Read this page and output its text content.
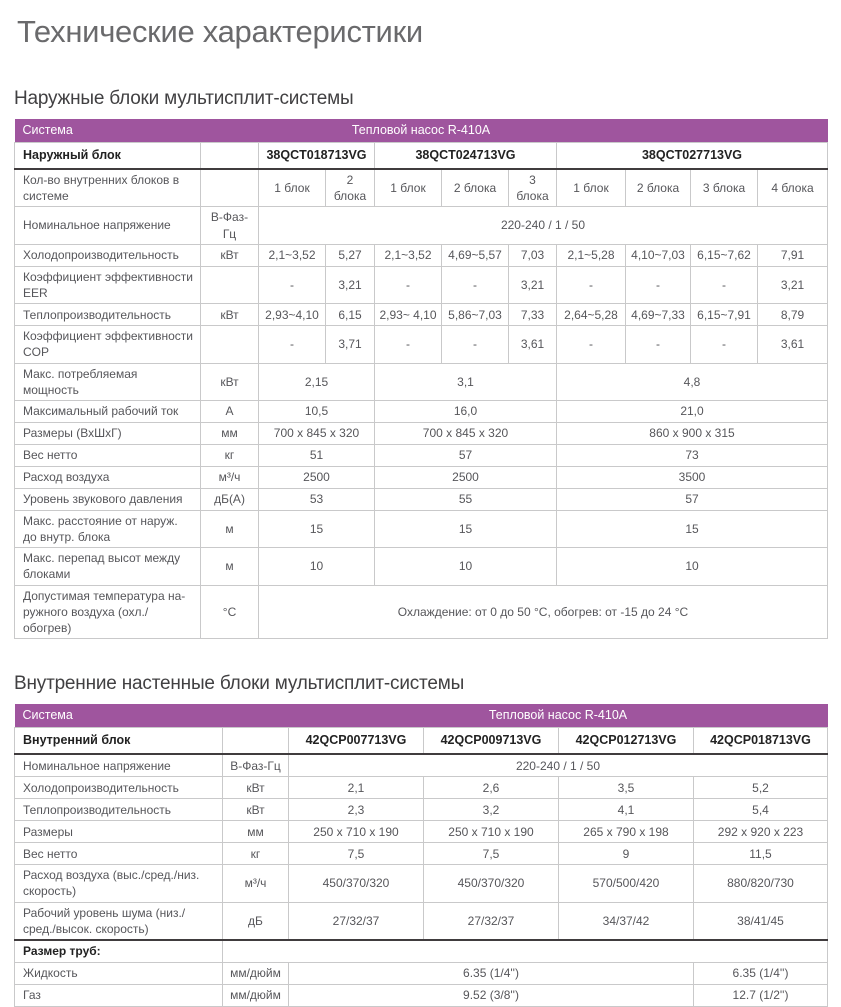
Технические характеристики
Наружные блоки мультисплит-системы
Система Тепловой насос R-410A										

Наружный блок		38QCT018713VG		38QCT024713VG			38QCT027713VG			
Кол-во внутренних блоков в системе		1 блок	2 блока	1 блок	2 блока	3 блока	1 блок	2 блока	3 блока	4 блока
Номинальное напряжение	В-Фаз-Гц	220-240 / 1 / 50								
Холодопроизводительность	кВт	2,1~3,52	5,27	2,1~3,52	4,69~5,57	7,03	2,1~5,28	4,10~7,03	6,15~7,62	7,91
Коэффициент эффективности EER		-	3,21	-	-	3,21	-	-	-	3,21
Теплопроизводительность	кВт	2,93~4,10	6,15	2,93~ 4,10	5,86~7,03	7,33	2,64~5,28	4,69~7,33	6,15~7,91	8,79
Коэффициент эффективности COP		-	3,71	-	-	3,61	-	-	-	3,61
Макс. потребляемая мощность	кВт	2,15		3,1			4,8			
Максимальный рабочий ток	А	10,5		16,0			21,0			
Размеры (ВхШхГ)	мм	700 x 845 x 320		700 x 845 x 320			860 x 900 x 315			
Вес нетто	кг	51		57			73			
Расход воздуха	м³/ч	2500		2500			3500			
Уровень звукового давления	дБ(А)	53		55			57			
Макс. расстояние от наруж. до внутр. блока	м	15		15			15			
Макс. перепад высот между блоками	м	10		10			10			
Допустимая температура наружного воздуха (охл./обогрев)	°С	Охлаждение: от 0 до 50 °С, обогрев: от -15 до 24 °С								
Внутренние настенные блоки мультисплит-системы
Система Тепловой насос R-410A					

Внутренний блок		42QCP007713VG	42QCP009713VG	42QCP012713VG	42QCP018713VG
Номинальное напряжение	В-Фаз-Гц	220-240 / 1 / 50			
Холодопроизводительность	кВт	2,1	2,6	3,5	5,2
Теплопроизводительность	кВт	2,3	3,2	4,1	5,4
Размеры	мм	250 x 710 x 190	250 x 710 x 190	265 x 790 x 198	292 x 920 x 223
Вес нетто	кг	7,5	7,5	9	11,5
Расход воздуха (выс./сред./низ. скорость)	м³/ч	450/370/320	450/370/320	570/500/420	880/820/730
Рабочий уровень шума (низ./сред./высок. скорость)	дБ	27/32/37	27/32/37	34/37/42	38/41/45
Размер труб:					
Жидкость	мм/дюйм	6.35 (1/4'')			6.35 (1/4'')
Газ	мм/дюйм	9.52 (3/8'')			12.7 (1/2'')
